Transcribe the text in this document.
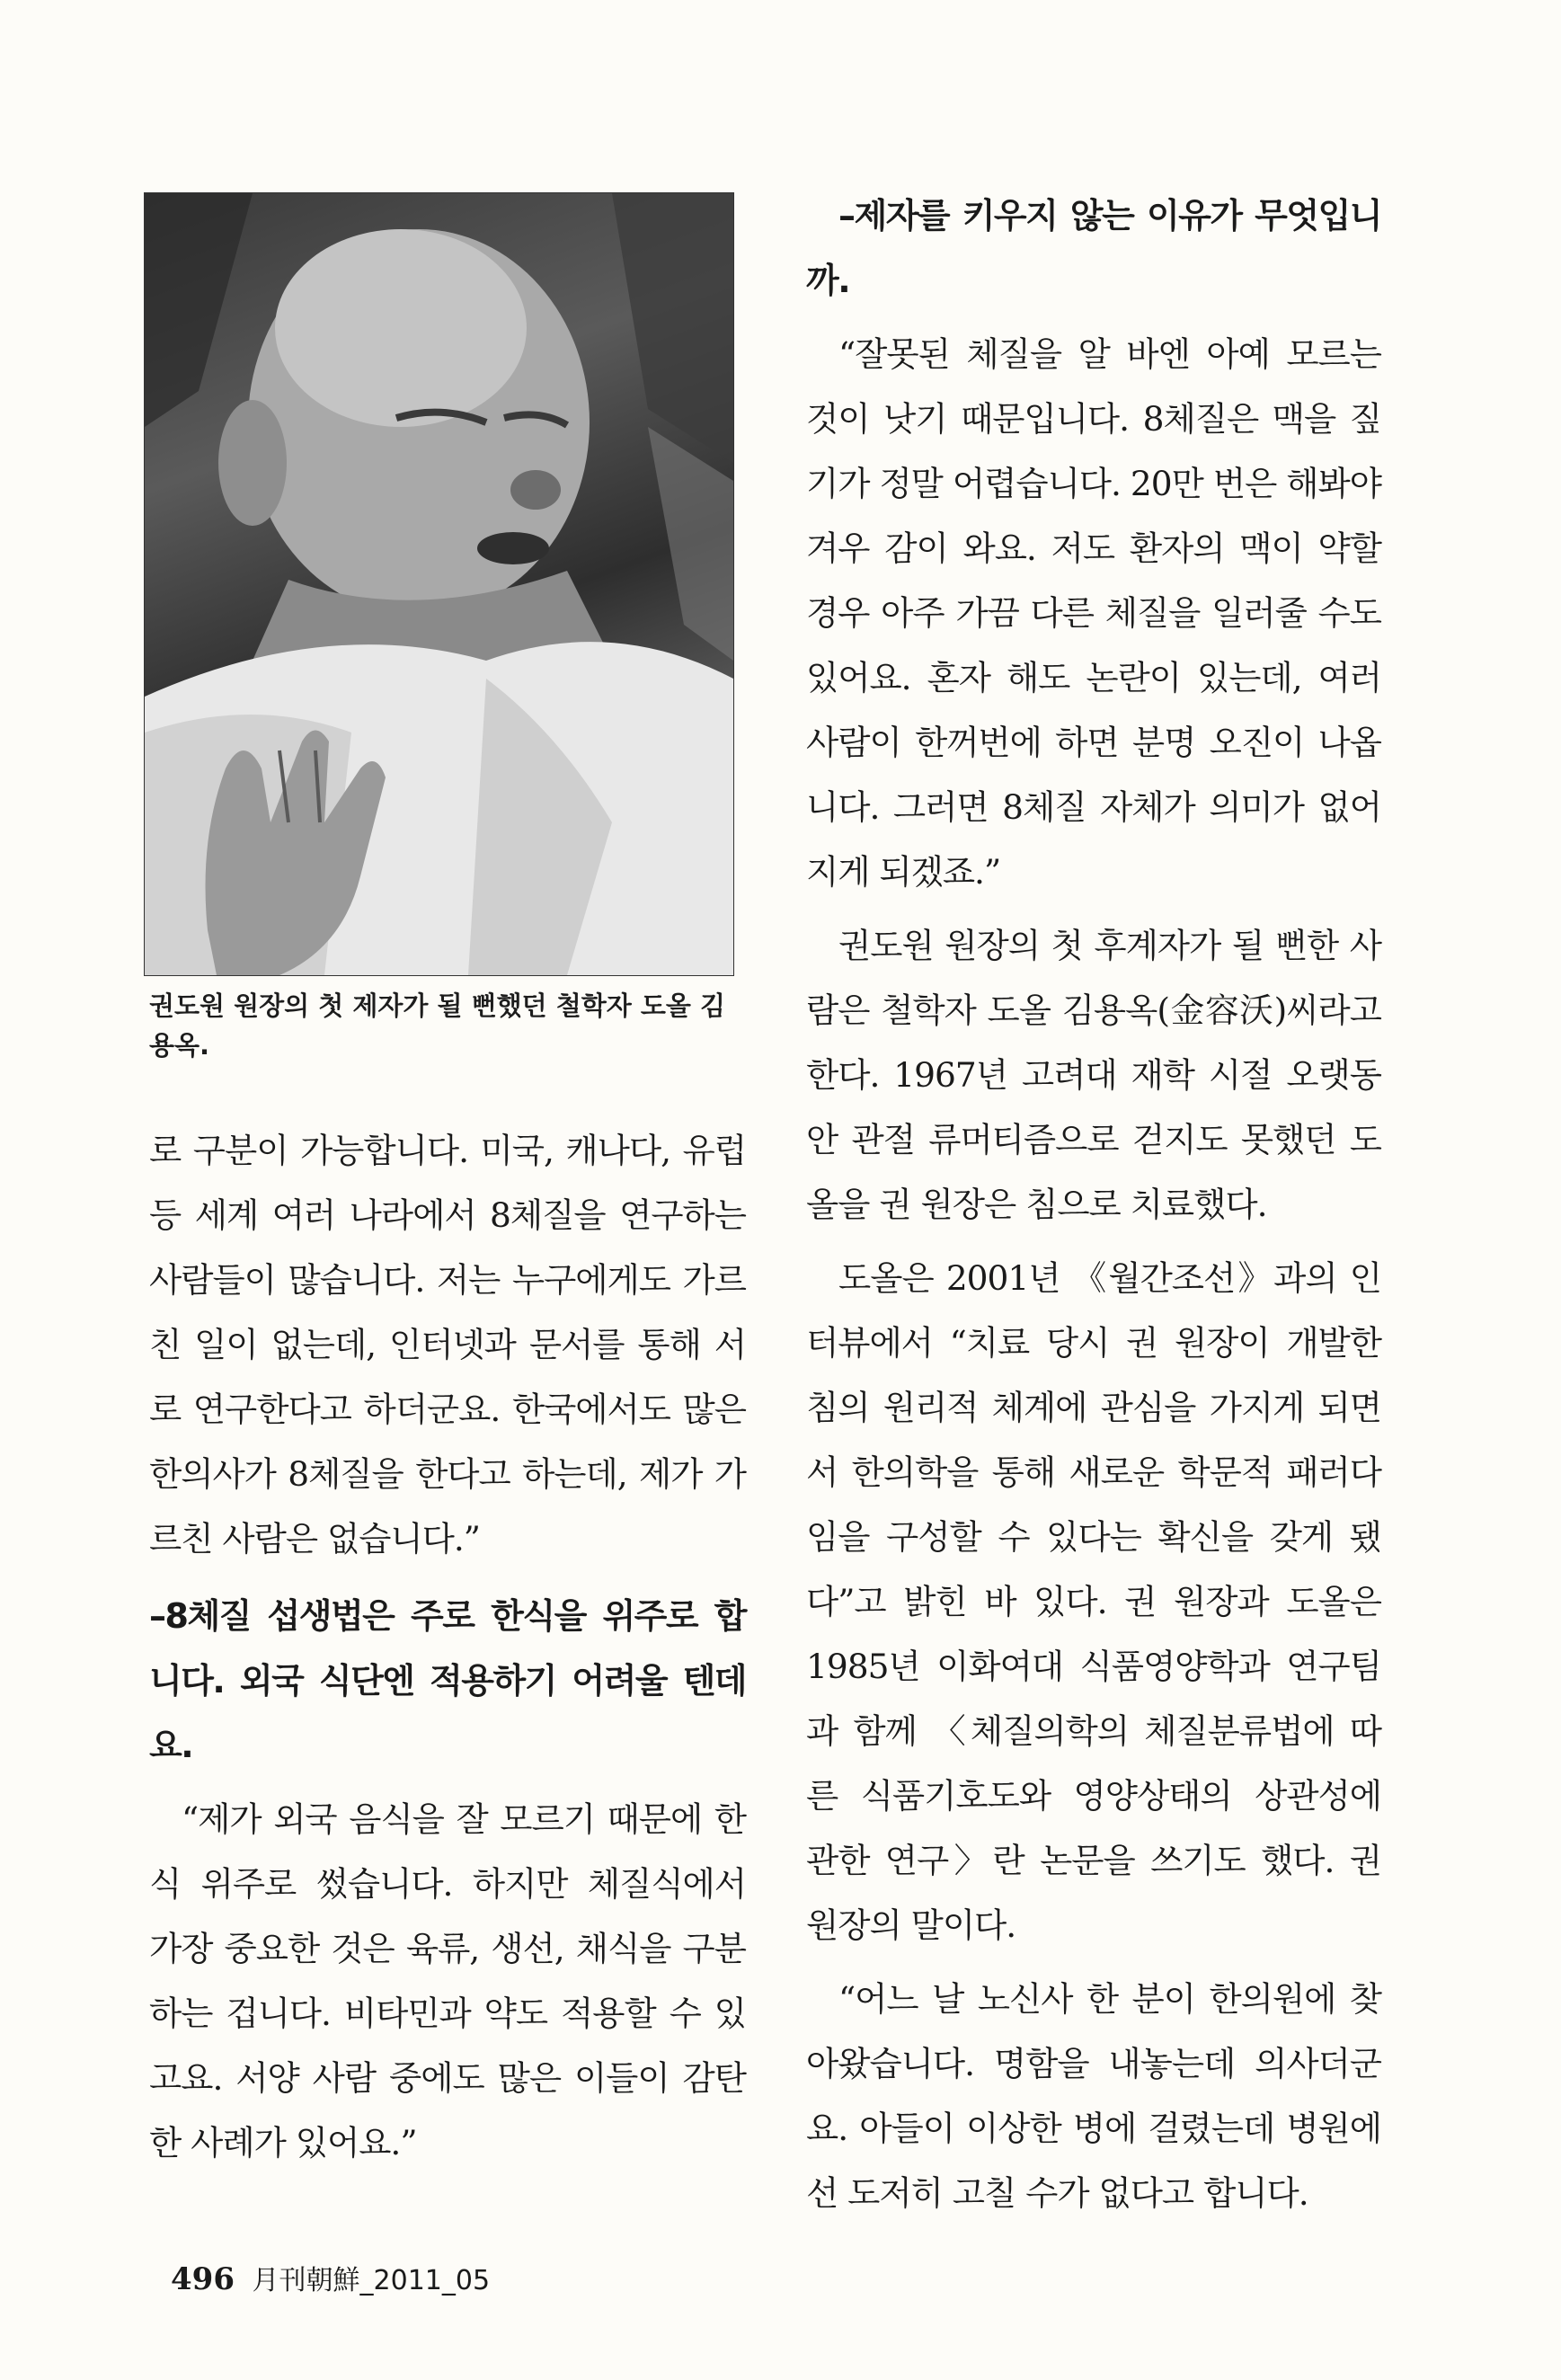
권도원 원장의 첫 제자가 될 뻔했던 철학자 도올 김용옥.

로 구분이 가능합니다. 미국, 캐나다, 유럽 등 세계 여러 나라에서 8체질을 연구하는 사람들이 많습니다. 저는 누구에게도 가르친 일이 없는데, 인터넷과 문서를 통해 서로 연구한다고 하더군요. 한국에서도 많은 한의사가 8체질을 한다고 하는데, 제가 가르친 사람은 없습니다.”

–8체질 섭생법은 주로 한식을 위주로 합니다. 외국 식단엔 적용하기 어려울 텐데요.

“제가 외국 음식을 잘 모르기 때문에 한식 위주로 썼습니다. 하지만 체질식에서 가장 중요한 것은 육류, 생선, 채식을 구분하는 겁니다. 비타민과 약도 적용할 수 있고요. 서양 사람 중에도 많은 이들이 감탄한 사례가 있어요.”

–제자를 키우지 않는 이유가 무엇입니까.

“잘못된 체질을 알 바엔 아예 모르는 것이 낫기 때문입니다. 8체질은 맥을 짚기가 정말 어렵습니다. 20만 번은 해봐야 겨우 감이 와요. 저도 환자의 맥이 약할 경우 아주 가끔 다른 체질을 일러줄 수도 있어요. 혼자 해도 논란이 있는데, 여러 사람이 한꺼번에 하면 분명 오진이 나옵니다. 그러면 8체질 자체가 의미가 없어지게 되겠죠.”

권도원 원장의 첫 후계자가 될 뻔한 사람은 철학자 도올 김용옥(金容沃)씨라고 한다. 1967년 고려대 재학 시절 오랫동안 관절 류머티즘으로 걷지도 못했던 도올을 권 원장은 침으로 치료했다.

도올은 2001년 《월간조선》과의 인터뷰에서 “치료 당시 권 원장이 개발한 침의 원리적 체계에 관심을 가지게 되면서 한의학을 통해 새로운 학문적 패러다임을 구성할 수 있다는 확신을 갖게 됐다”고 밝힌 바 있다. 권 원장과 도올은 1985년 이화여대 식품영양학과 연구팀과 함께 〈체질의학의 체질분류법에 따른 식품기호도와 영양상태의 상관성에 관한 연구〉란 논문을 쓰기도 했다. 권 원장의 말이다.

“어느 날 노신사 한 분이 한의원에 찾아왔습니다. 명함을 내놓는데 의사더군요. 아들이 이상한 병에 걸렸는데 병원에선 도저히 고칠 수가 없다고 합니다.

496 月刊朝鮮_2011_05
